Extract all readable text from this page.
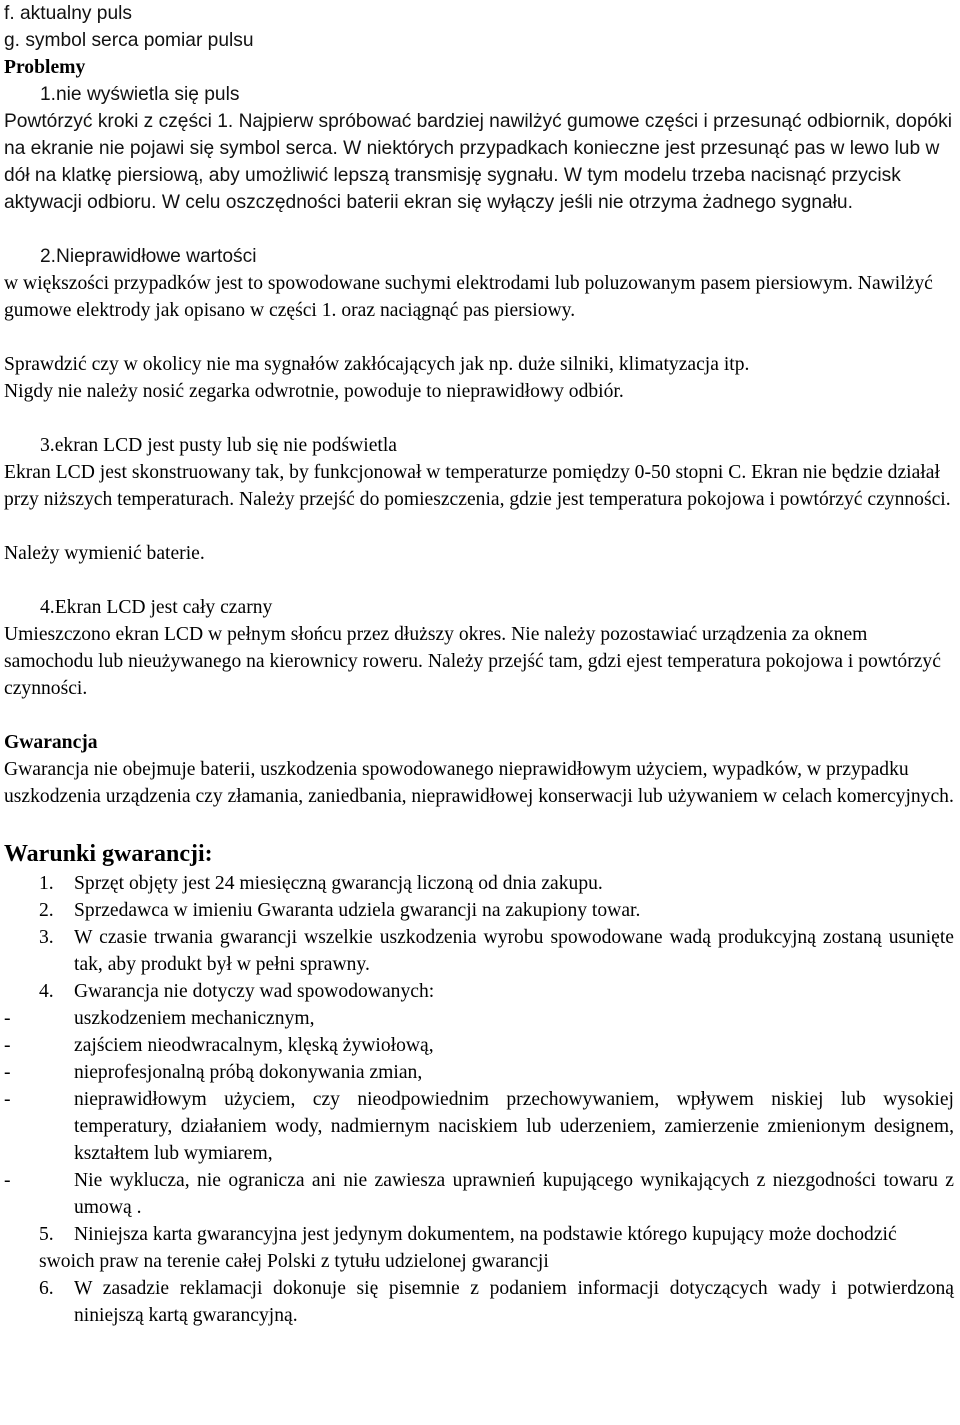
f. aktualny puls

g. symbol serca pomiar pulsu

Problemy

1.nie wyświetla się puls

Powtórzyć kroki z części 1. Najpierw spróbować bardziej nawilżyć gumowe części i przesunąć odbiornik, dopóki na ekranie nie pojawi się symbol serca. W niektórych przypadkach konieczne jest przesunąć pas w lewo lub w dół na klatkę piersiową, aby umożliwić lepszą transmisję sygnału. W tym modelu trzeba nacisnąć przycisk aktywacji odbioru. W celu oszczędności baterii ekran się wyłączy jeśli nie otrzyma żadnego sygnału.

2.Nieprawidłowe wartości

w większości przypadków jest to spowodowane suchymi elektrodami lub poluzowanym pasem piersiowym. Nawilżyć gumowe elektrody jak opisano w części 1. oraz naciągnąć pas piersiowy.

Sprawdzić czy w okolicy nie ma sygnałów zakłócających jak np. duże silniki, klimatyzacja itp.

Nigdy nie należy nosić zegarka odwrotnie, powoduje to nieprawidłowy odbiór.

3.ekran LCD jest pusty lub się nie podświetla

Ekran LCD jest skonstruowany tak, by funkcjonował w temperaturze pomiędzy 0-50 stopni C. Ekran nie będzie działał przy niższych temperaturach. Należy przejść do pomieszczenia, gdzie jest temperatura pokojowa i powtórzyć czynności.

Należy wymienić baterie.

4.Ekran LCD jest cały czarny

Umieszczono ekran LCD w pełnym słońcu przez dłuższy okres. Nie należy pozostawiać urządzenia za oknem samochodu lub nieużywanego na kierownicy roweru. Należy przejść tam, gdzi ejest temperatura pokojowa i powtórzyć czynności.

Gwarancja

Gwarancja nie obejmuje baterii, uszkodzenia spowodowanego nieprawidłowym użyciem, wypadków, w przypadku uszkodzenia urządzenia czy złamania, zaniedbania, nieprawidłowej konserwacji lub używaniem w celach komercyjnych.

Warunki gwarancji:

1.	Sprzęt objęty jest 24 miesięczną gwarancją liczoną od dnia zakupu.
2.	Sprzedawca w imieniu Gwaranta udziela gwarancji na zakupiony towar.
3.	W czasie trwania gwarancji wszelkie uszkodzenia wyrobu spowodowane wadą produkcyjną zostaną usunięte tak, aby produkt był w pełni sprawny.
4.	Gwarancja nie dotyczy wad spowodowanych:
-	uszkodzeniem mechanicznym,
-	zajściem nieodwracalnym, klęską żywiołową,
-	nieprofesjonalną próbą dokonywania zmian,
-	nieprawidłowym użyciem, czy nieodpowiednim przechowywaniem, wpływem niskiej lub wysokiej temperatury, działaniem wody, nadmiernym naciskiem lub uderzeniem, zamierzenie zmienionym designem, kształtem lub wymiarem,
-	Nie wyklucza, nie ogranicza ani nie zawiesza uprawnień kupującego wynikających z niezgodności towaru z umową .
5. Niniejsza karta gwarancyjna jest jedynym dokumentem, na podstawie którego kupujący może dochodzić swoich praw na terenie całej Polski z tytułu udzielonej gwarancji
6.	W zasadzie reklamacji dokonuje się pisemnie z podaniem informacji dotyczących wady i potwierdzoną niniejszą kartą gwarancyjną.
